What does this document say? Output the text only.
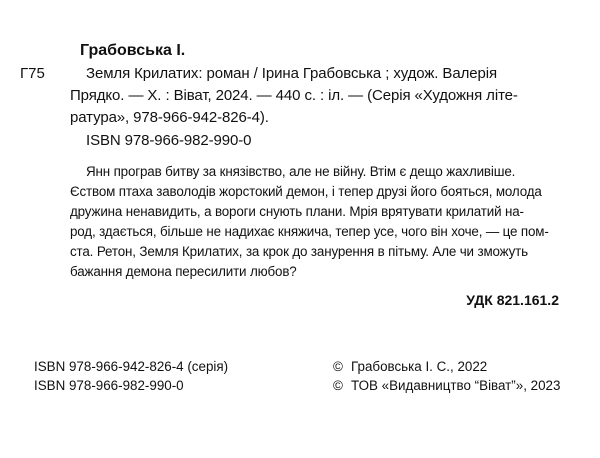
Грабовська І.
Г75	Земля Крилатих: роман / Ірина Грабовська ; худож. Валерія
Прядко. — Х. : Віват, 2024. — 440 с. : іл. — (Серія «Художня літе-
ратура», 978-966-942-826-4).
ISBN 978-966-982-990-0
Янн програв битву за князівство, але не війну. Втім є дещо жахливіше.
Єством птаха заволодів жорстокий демон, і тепер друзі його бояться, молода
дружина ненавидить, а вороги снують плани. Мрія врятувати крилатий на-
род, здається, більше не надихає княжича, тепер усе, чого він хоче, — це пом-
ста. Ретон, Земля Крилатих, за крок до занурення в пітьму. Але чи зможуть
бажання демона пересилити любов?
УДК 821.161.2
ISBN 978-966-942-826-4 (серія)
ISBN 978-966-982-990-0
© Грабовська І. С., 2022
© ТОВ «Видавництво “Віват”», 2023
